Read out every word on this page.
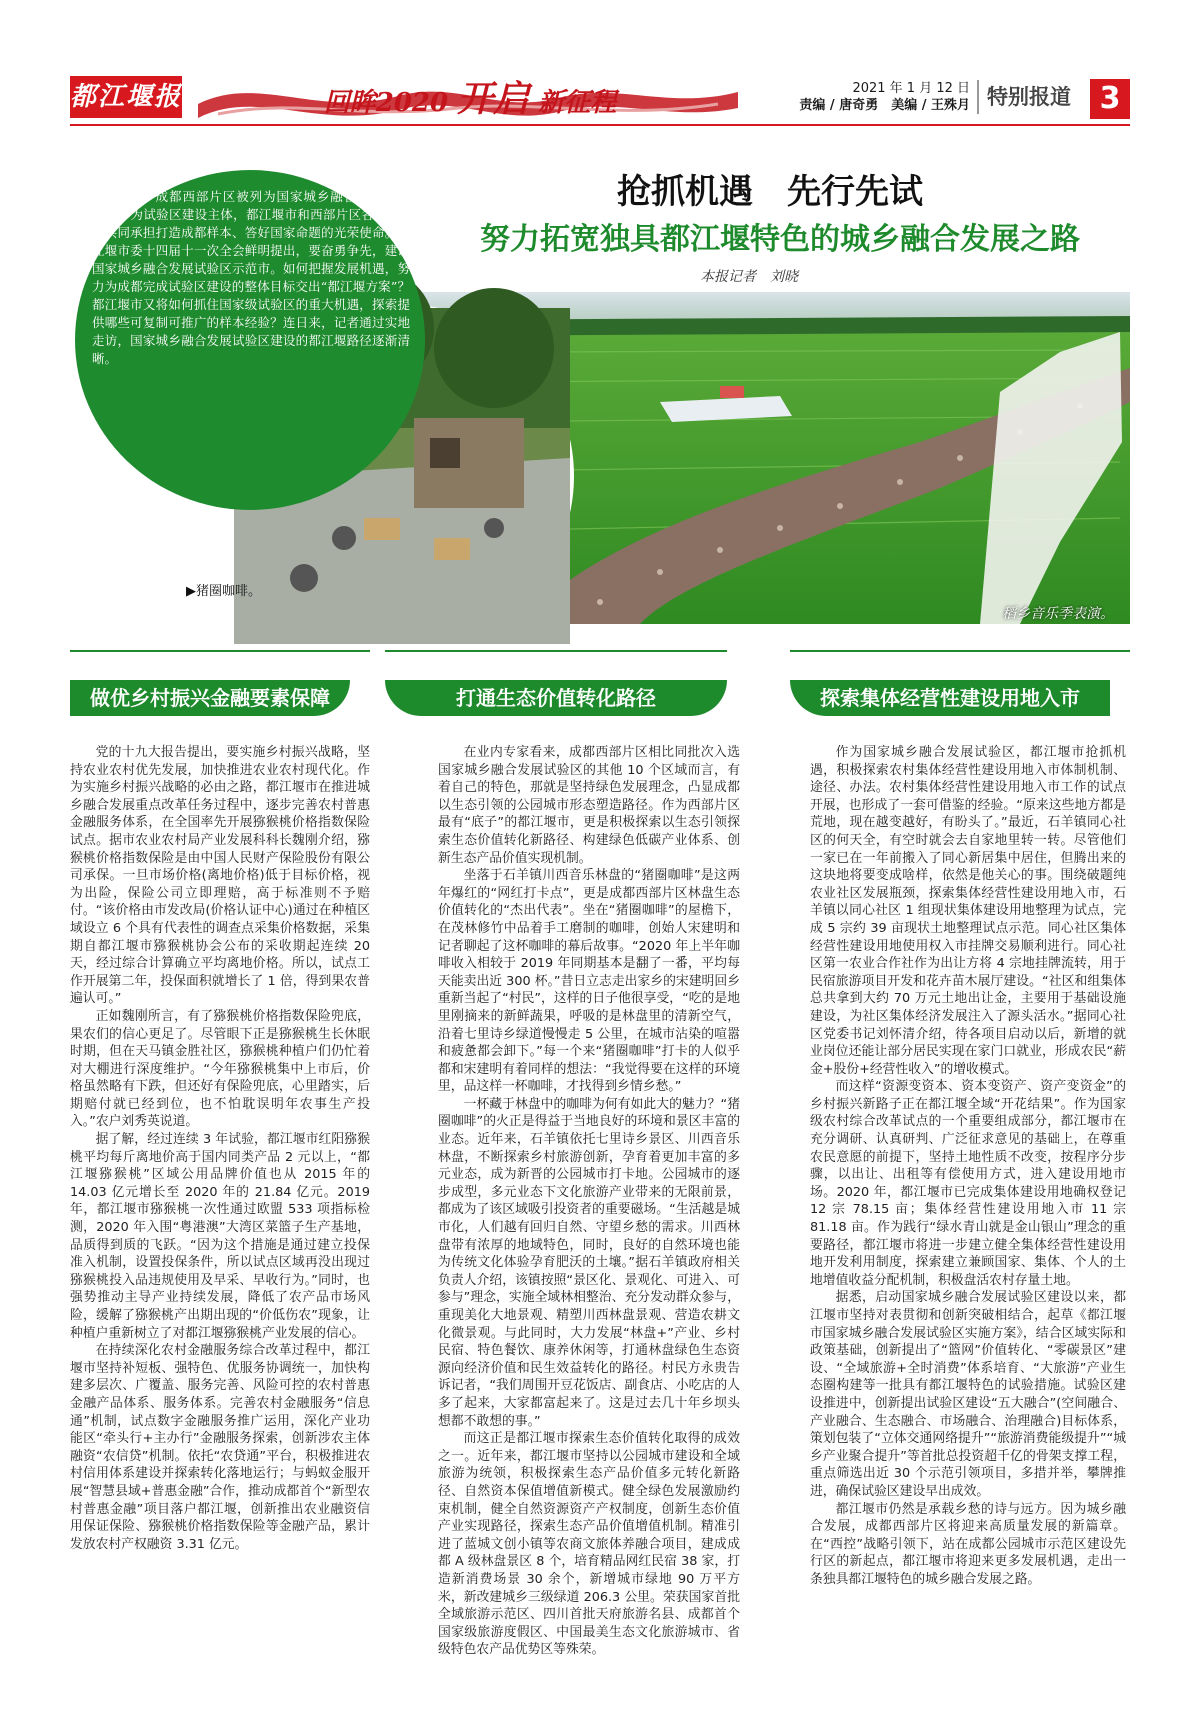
都江堰报	回眸2020 开启 新征程	2021 年 1 月 12 日
责编 / 唐奇勇　美编 / 王殊月 特别报道 3
抢抓机遇　先行先试
努力拓宽独具都江堰特色的城乡融合发展之路
本报记者　刘晓
2019 年，成都西部片区被列为国家城乡融合发展试验区。作为试验区建设主体，都江堰市和西部片区各区(市)县共同承担打造成都样本、答好国家命题的光荣使命。都江堰市委十四届十一次全会鲜明提出，要奋勇争先，建设国家城乡融合发展试验区示范市。如何把握发展机遇，努力为成都完成试验区建设的整体目标交出“都江堰方案”？都江堰市又将如何抓住国家级试验区的重大机遇，探索提供哪些可复制可推广的样本经验？连日来，记者通过实地走访，国家城乡融合发展试验区建设的都江堰路径逐渐清晰。
▶猪圈咖啡。
稻乡音乐季表演。
做优乡村振兴金融要素保障	打通生态价值转化路径	探索集体经营性建设用地入市

党的十九大报告提出，要实施乡村振兴战略，坚持农业农村优先发展，加快推进农业农村现代化。作为实施乡村振兴战略的必由之路，都江堰市在推进城乡融合发展重点改革任务过程中，逐步完善农村普惠金融服务体系，在全国率先开展猕猴桃价格指数保险试点。据市农业农村局产业发展科科长魏刚介绍，猕猴桃价格指数保险是由中国人民财产保险股份有限公司承保。一旦市场价格(离地价格)低于目标价格，视为出险，保险公司立即理赔，高于标准则不予赔付。“该价格由市发改局(价格认证中心)通过在种植区域设立 6 个具有代表性的调查点采集价格数据，采集期自都江堰市猕猴桃协会公布的采收期起连续 20 天，经过综合计算确立平均离地价格。所以，试点工作开展第二年，投保面积就增长了 1 倍，得到果农普遍认可。”

正如魏刚所言，有了猕猴桃价格指数保险兜底，果农们的信心更足了。尽管眼下正是猕猴桃生长休眠时期，但在天马镇金胜社区，猕猴桃种植户们仍忙着对大棚进行深度维护。“今年猕猴桃集中上市后，价格虽然略有下跌，但还好有保险兜底，心里踏实，后期赔付就已经到位，也不怕耽误明年农事生产投入。”农户刘秀英说道。

据了解，经过连续 3 年试验，都江堰市红阳猕猴桃平均每斤离地价高于国内同类产品 2 元以上，“都江堰猕猴桃”区域公用品牌价值也从 2015 年的 14.03 亿元增长至 2020 年的 21.84 亿元。2019 年，都江堰市猕猴桃一次性通过欧盟 533 项指标检测，2020 年入围“粤港澳”大湾区菜篮子生产基地，品质得到质的飞跃。“因为这个措施是通过建立投保准入机制，设置投保条件，所以试点区域再没出现过猕猴桃投入品违规使用及早采、早收行为。”同时，也强势推动主导产业持续发展，降低了农产品市场风险，缓解了猕猴桃产出期出现的“价低伤农”现象，让种植户重新树立了对都江堰猕猴桃产业发展的信心。

在持续深化农村金融服务综合改革过程中，都江堰市坚持补短板、强特色、优服务协调统一，加快构建多层次、广覆盖、服务完善、风险可控的农村普惠金融产品体系、服务体系。完善农村金融服务“信息通”机制，试点数字金融服务推广运用，深化产业功能区“牵头行+主办行”金融服务探索，创新涉农主体融资“农信贷”机制。依托“农贷通”平台，积极推进农村信用体系建设并探索转化落地运行；与蚂蚁金服开展“智慧县域+普惠金融”合作，推动成都首个“新型农村普惠金融”项目落户都江堰，创新推出农业融资信用保证保险、猕猴桃价格指数保险等金融产品，累计发放农村产权融资 3.31 亿元。

在业内专家看来，成都西部片区相比同批次入选国家城乡融合发展试验区的其他 10 个区域而言，有着自己的特色，那就是坚持绿色发展理念，凸显成都以生态引领的公园城市形态塑造路径。作为西部片区最有“底子”的都江堰市，更是积极探索以生态引领探索生态价值转化新路径、构建绿色低碳产业体系、创新生态产品价值实现机制。

坐落于石羊镇川西音乐林盘的“猪圈咖啡”是这两年爆红的“网红打卡点”，更是成都西部片区林盘生态价值转化的“杰出代表”。坐在“猪圈咖啡”的屋檐下，在茂林修竹中品着手工磨制的咖啡，创始人宋建明和记者聊起了这杯咖啡的幕后故事。“2020 年上半年咖啡收入相较于 2019 年同期基本是翻了一番，平均每天能卖出近 300 杯。”昔日立志走出家乡的宋建明回乡重新当起了“村民”，这样的日子他很享受，“吃的是地里刚摘来的新鲜蔬果，呼吸的是林盘里的清新空气，沿着七里诗乡绿道慢慢走 5 公里，在城市沾染的喧嚣和疲惫都会卸下。”每一个来“猪圈咖啡”打卡的人似乎都和宋建明有着同样的想法：“我觉得要在这样的环境里，品这样一杯咖啡，才找得到乡情乡愁。”

一杯藏于林盘中的咖啡为何有如此大的魅力？“猪圈咖啡”的火正是得益于当地良好的环境和景区丰富的业态。近年来，石羊镇依托七里诗乡景区、川西音乐林盘，不断探索乡村旅游创新，孕育着更加丰富的多元业态，成为新晋的公园城市打卡地。公园城市的逐步成型，多元业态下文化旅游产业带来的无限前景，都成为了该区域吸引投资者的重要磁场。“生活越是城市化，人们越有回归自然、守望乡愁的需求。川西林盘带有浓厚的地域特色，同时，良好的自然环境也能为传统文化体验孕育肥沃的土壤。”据石羊镇政府相关负责人介绍，该镇按照“景区化、景观化、可进入、可参与”理念，实施全域林相整治、充分发动群众参与，重现美化大地景观、精塑川西林盘景观、营造农耕文化微景观。与此同时，大力发展“林盘+”产业、乡村民宿、特色餐饮、康养休闲等，打通林盘绿色生态资源向经济价值和民生效益转化的路径。村民方永贵告诉记者，“我们周围开豆花饭店、副食店、小吃店的人多了起来，大家都富起来了。这是过去几十年乡坝头想都不敢想的事。”

而这正是都江堰市探索生态价值转化取得的成效之一。近年来，都江堰市坚持以公园城市建设和全域旅游为统领，积极探索生态产品价值多元转化新路径、自然资本保值增值新模式。健全绿色发展激励约束机制，健全自然资源资产产权制度，创新生态价值产业实现路径，探索生态产品价值增值机制。精准引进了蓝城文创小镇等农商文旅体养融合项目，建成成都 A 级林盘景区 8 个，培育精品网红民宿 38 家，打造新消费场景 30 余个，新增城市绿地 90 万平方米，新改建城乡三级绿道 206.3 公里。荣获国家首批全域旅游示范区、四川首批天府旅游名县、成都首个国家级旅游度假区、中国最美生态文化旅游城市、省级特色农产品优势区等殊荣。

作为国家城乡融合发展试验区，都江堰市抢抓机遇，积极探索农村集体经营性建设用地入市体制机制、途径、办法。农村集体经营性建设用地入市工作的试点开展，也形成了一套可借鉴的经验。“原来这些地方都是荒地，现在越变越好，有盼头了。”最近，石羊镇同心社区的何天全，有空时就会去自家地里转一转。尽管他们一家已在一年前搬入了同心新居集中居住，但腾出来的这块地将要变成啥样，依然是他关心的事。围绕破题纯农业社区发展瓶颈，探索集体经营性建设用地入市，石羊镇以同心社区 1 组现状集体建设用地整理为试点，完成 5 宗约 39 亩现状土地整理试点示范。同心社区集体经营性建设用地使用权入市挂牌交易顺利进行。同心社区第一农业合作社作为出让方将 4 宗地挂牌流转，用于民宿旅游项目开发和花卉苗木展厅建设。“社区和组集体总共拿到大约 70 万元土地出让金，主要用于基础设施建设，为社区集体经济发展注入了源头活水。”据同心社区党委书记刘怀清介绍，待各项目启动以后，新增的就业岗位还能让部分居民实现在家门口就业，形成农民“薪金+股份+经营性收入”的增收模式。

而这样“资源变资本、资本变资产、资产变资金”的乡村振兴新路子正在都江堰全域“开花结果”。作为国家级农村综合改革试点的一个重要组成部分，都江堰市在充分调研、认真研判、广泛征求意见的基础上，在尊重农民意愿的前提下，坚持土地性质不改变，按程序分步骤，以出让、出租等有偿使用方式，进入建设用地市场。2020 年，都江堰市已完成集体建设用地确权登记 12 宗 78.15 亩；集体经营性建设用地入市 11 宗 81.18 亩。作为践行“绿水青山就是金山银山”理念的重要路径，都江堰市将进一步建立健全集体经营性建设用地开发利用制度，探索建立兼顾国家、集体、个人的土地增值收益分配机制，积极盘活农村存量土地。

据悉，启动国家城乡融合发展试验区建设以来，都江堰市坚持对表贯彻和创新突破相结合，起草《都江堰市国家城乡融合发展试验区实施方案》，结合区域实际和政策基础，创新提出了“篮网”价值转化、“零碳景区”建设、“全域旅游+全时消费”体系培育、“大旅游”产业生态圈构建等一批具有都江堰特色的试验措施。试验区建设推进中，创新提出试验区建设“五大融合”(空间融合、产业融合、生态融合、市场融合、治理融合)目标体系，策划包装了“立体交通网络提升”“旅游消费能级提升”“城乡产业聚合提升”等首批总投资超千亿的骨架支撑工程，重点筛选出近 30 个示范引领项目，多措并举，攀牌推进，确保试验区建设早出成效。

都江堰市仍然是承载乡愁的诗与远方。因为城乡融合发展，成都西部片区将迎来高质量发展的新篇章。在“西控”战略引领下，站在成都公园城市示范区建设先行区的新起点，都江堰市将迎来更多发展机遇，走出一条独具都江堰特色的城乡融合发展之路。
